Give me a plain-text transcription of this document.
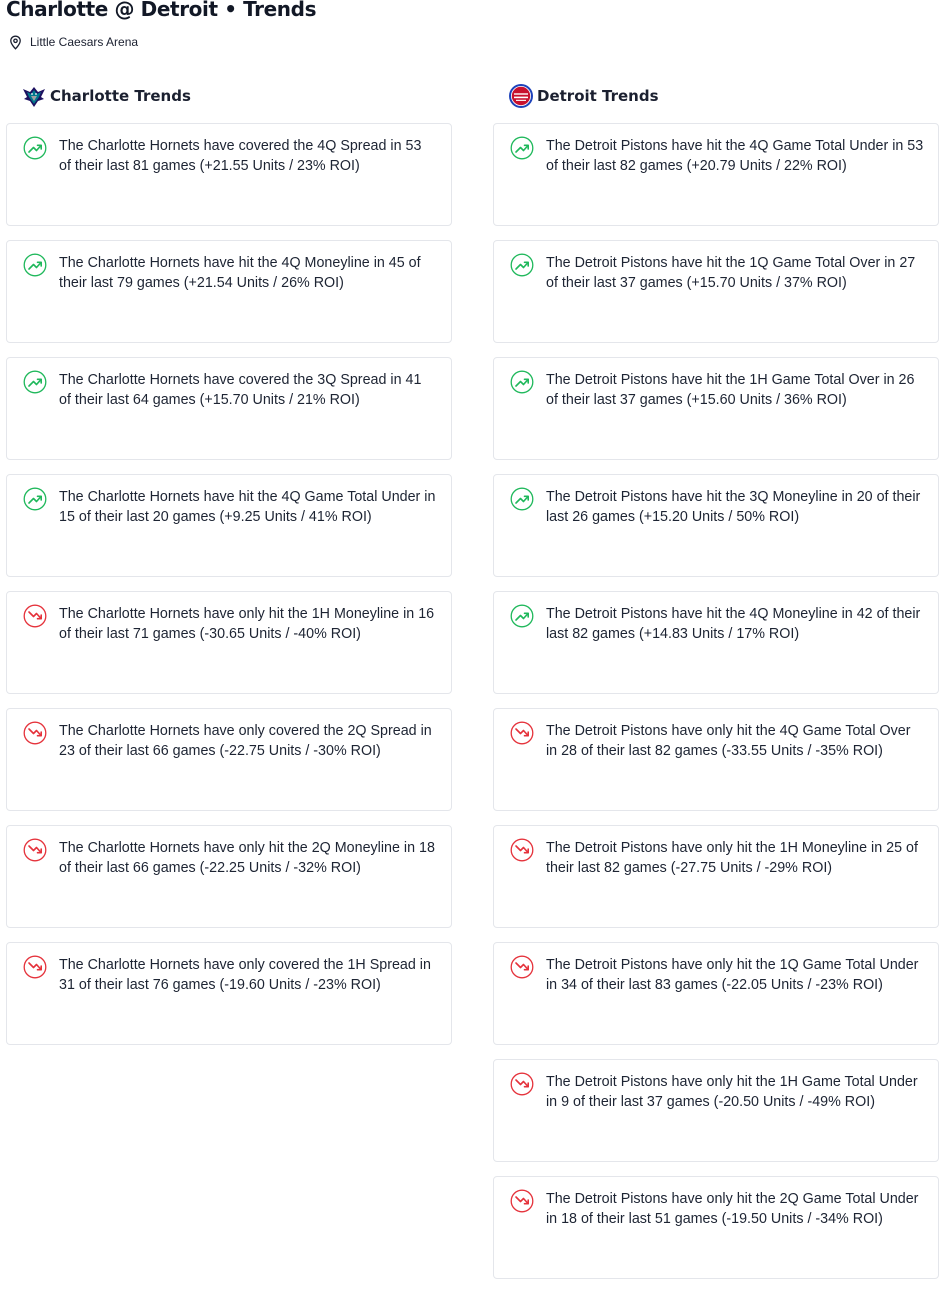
Charlotte @ Detroit • Trends
Little Caesars Arena
Charlotte Trends
The Charlotte Hornets have covered the 4Q Spread in 53 of their last 81 games (+21.55 Units / 23% ROI)
The Charlotte Hornets have hit the 4Q Moneyline in 45 of their last 79 games (+21.54 Units / 26% ROI)
The Charlotte Hornets have covered the 3Q Spread in 41 of their last 64 games (+15.70 Units / 21% ROI)
The Charlotte Hornets have hit the 4Q Game Total Under in 15 of their last 20 games (+9.25 Units / 41% ROI)
The Charlotte Hornets have only hit the 1H Moneyline in 16 of their last 71 games (-30.65 Units / -40% ROI)
The Charlotte Hornets have only covered the 2Q Spread in 23 of their last 66 games (-22.75 Units / -30% ROI)
The Charlotte Hornets have only hit the 2Q Moneyline in 18 of their last 66 games (-22.25 Units / -32% ROI)
The Charlotte Hornets have only covered the 1H Spread in 31 of their last 76 games (-19.60 Units / -23% ROI)
Detroit Trends
The Detroit Pistons have hit the 4Q Game Total Under in 53 of their last 82 games (+20.79 Units / 22% ROI)
The Detroit Pistons have hit the 1Q Game Total Over in 27 of their last 37 games (+15.70 Units / 37% ROI)
The Detroit Pistons have hit the 1H Game Total Over in 26 of their last 37 games (+15.60 Units / 36% ROI)
The Detroit Pistons have hit the 3Q Moneyline in 20 of their last 26 games (+15.20 Units / 50% ROI)
The Detroit Pistons have hit the 4Q Moneyline in 42 of their last 82 games (+14.83 Units / 17% ROI)
The Detroit Pistons have only hit the 4Q Game Total Over in 28 of their last 82 games (-33.55 Units / -35% ROI)
The Detroit Pistons have only hit the 1H Moneyline in 25 of their last 82 games (-27.75 Units / -29% ROI)
The Detroit Pistons have only hit the 1Q Game Total Under in 34 of their last 83 games (-22.05 Units / -23% ROI)
The Detroit Pistons have only hit the 1H Game Total Under in 9 of their last 37 games (-20.50 Units / -49% ROI)
The Detroit Pistons have only hit the 2Q Game Total Under in 18 of their last 51 games (-19.50 Units / -34% ROI)
